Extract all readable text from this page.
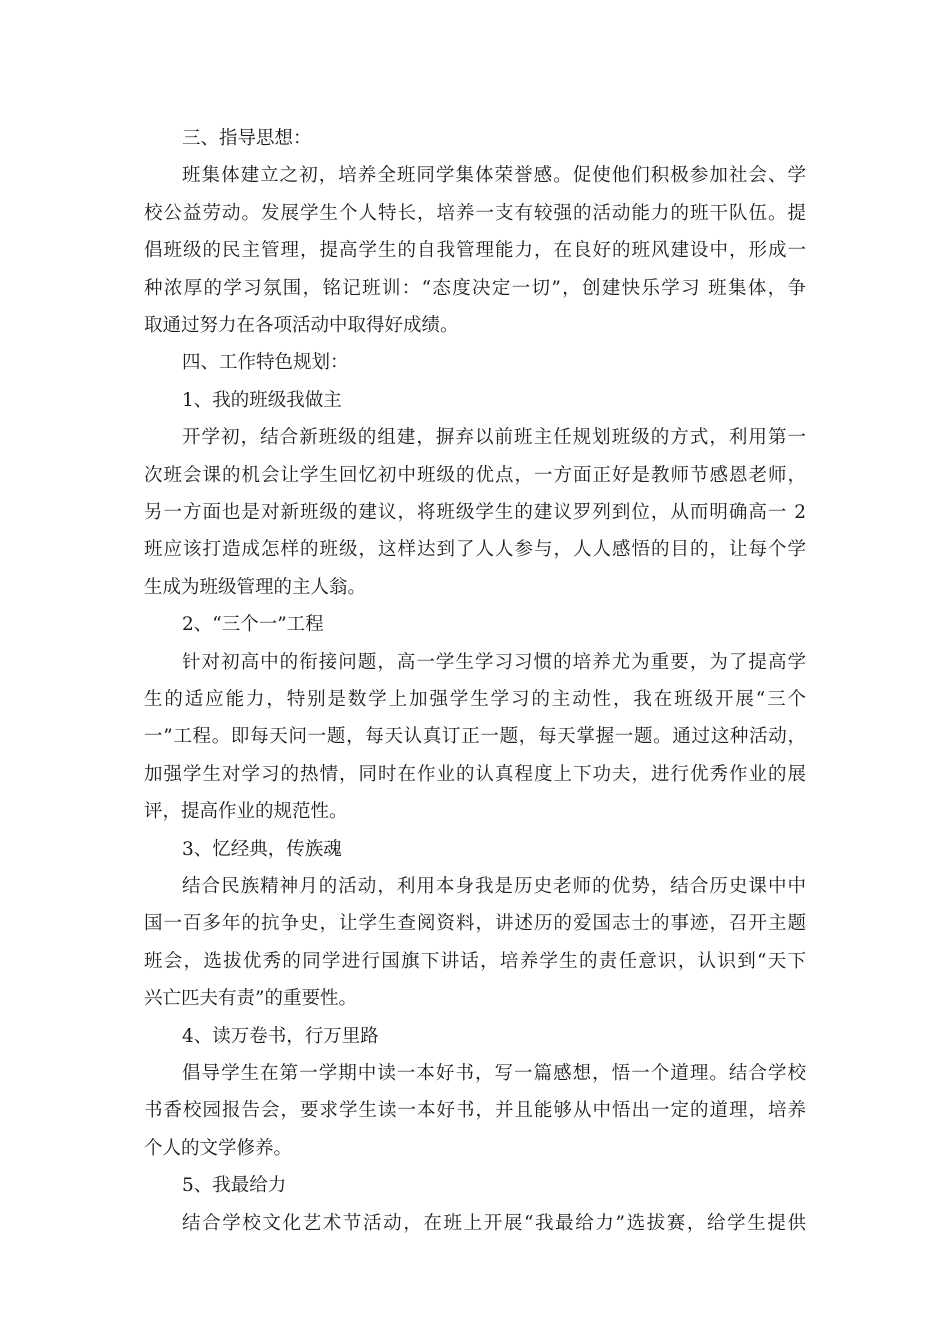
三、指导思想：
班集体建立之初，培养全班同学集体荣誉感。促使他们积极参加社会、学
校公益劳动。发展学生个人特长，培养一支有较强的活动能力的班干队伍。提
倡班级的民主管理，提高学生的自我管理能力，在良好的班风建设中，形成一
种浓厚的学习氛围，铭记班训：“态度决定一切”，创建快乐学习 班集体，争
取通过努力在各项活动中取得好成绩。
四、工作特色规划：
1、我的班级我做主
开学初，结合新班级的组建，摒弃以前班主任规划班级的方式，利用第一
次班会课的机会让学生回忆初中班级的优点，一方面正好是教师节感恩老师，
另一方面也是对新班级的建议，将班级学生的建议罗列到位，从而明确高一 2
班应该打造成怎样的班级，这样达到了人人参与，人人感悟的目的，让每个学
生成为班级管理的主人翁。
2、“三个一”工程
针对初高中的衔接问题，高一学生学习习惯的培养尤为重要，为了提高学
生的适应能力，特别是数学上加强学生学习的主动性，我在班级开展“三个
一”工程。即每天问一题，每天认真订正一题，每天掌握一题。通过这种活动，
加强学生对学习的热情，同时在作业的认真程度上下功夫，进行优秀作业的展
评，提高作业的规范性。
3、忆经典，传族魂
结合民族精神月的活动，利用本身我是历史老师的优势，结合历史课中中
国一百多年的抗争史，让学生查阅资料，讲述历的爱国志士的事迹，召开主题
班会，选拔优秀的同学进行国旗下讲话，培养学生的责任意识，认识到“天下
兴亡匹夫有责”的重要性。
4、读万卷书，行万里路
倡导学生在第一学期中读一本好书，写一篇感想，悟一个道理。结合学校
书香校园报告会，要求学生读一本好书，并且能够从中悟出一定的道理，培养
个人的文学修养。
5、我最给力
结合学校文化艺术节活动，在班上开展“我最给力”选拔赛，给学生提供
